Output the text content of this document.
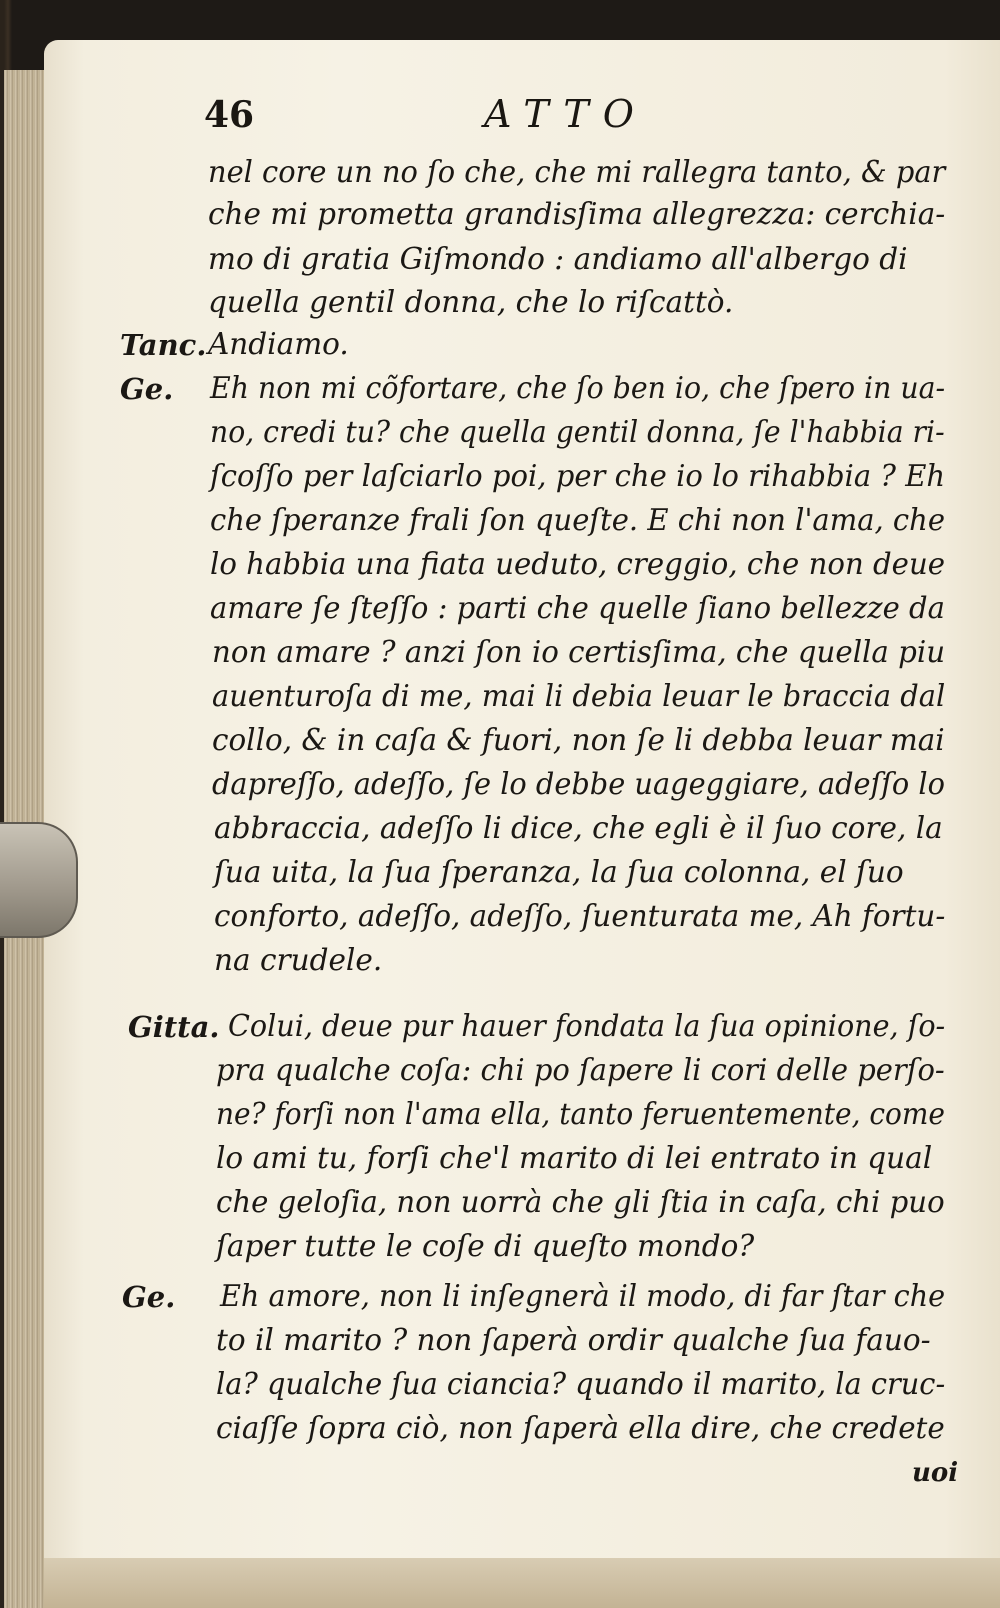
46	ATTO
Tanc.
Ge.
Gitta.
Ge.
nel core un no ſo che, che mi rallegra tanto, & par
che mi prometta grandisſima allegrezza: cerchia-
mo di gratia Giſmondo : andiamo all'albergo di
quella gentil donna, che lo riſcattò.
Andiamo.
Eh non mi cõfortare, che ſo ben io, che ſpero in ua-
no, credi tu? che quella gentil donna, ſe l'habbia ri-
ſcoſſo per laſciarlo poi, per che io lo rihabbia ? Eh
che ſperanze frali ſon queſte. E chi non l'ama, che
lo habbia una fiata ueduto, creggio, che non deue
amare ſe ſteſſo : parti che quelle ſiano bellezze da
non amare ? anzi ſon io certisſima, che quella piu
auenturoſa di me, mai li debia leuar le braccia dal
collo, & in caſa & fuori, non ſe li debba leuar mai
dapreſſo, adeſſo, ſe lo debbe uageggiare, adeſſo lo
abbraccia, adeſſo li dice, che egli è il ſuo core, la
ſua uita, la ſua ſperanza, la ſua colonna, el ſuo
conforto, adeſſo, adeſſo, ſuenturata me, Ah fortu-
na crudele.
Colui, deue pur hauer fondata la ſua opinione, ſo-
pra qualche coſa: chi po ſapere li cori delle perſo-
ne? forſi non l'ama ella, tanto feruentemente, come
lo ami tu, forſi che'l marito di lei entrato in qual
che geloſia, non uorrà che gli ſtia in caſa, chi puo
ſaper tutte le coſe di queſto mondo?
Eh amore, non li inſegnerà il modo, di far ſtar che
to il marito ? non ſaperà ordir qualche ſua fauo-
la? qualche ſua ciancia? quando il marito, la cruc-
ciaſſe ſopra ciò, non ſaperà ella dire, che credete
uoi
